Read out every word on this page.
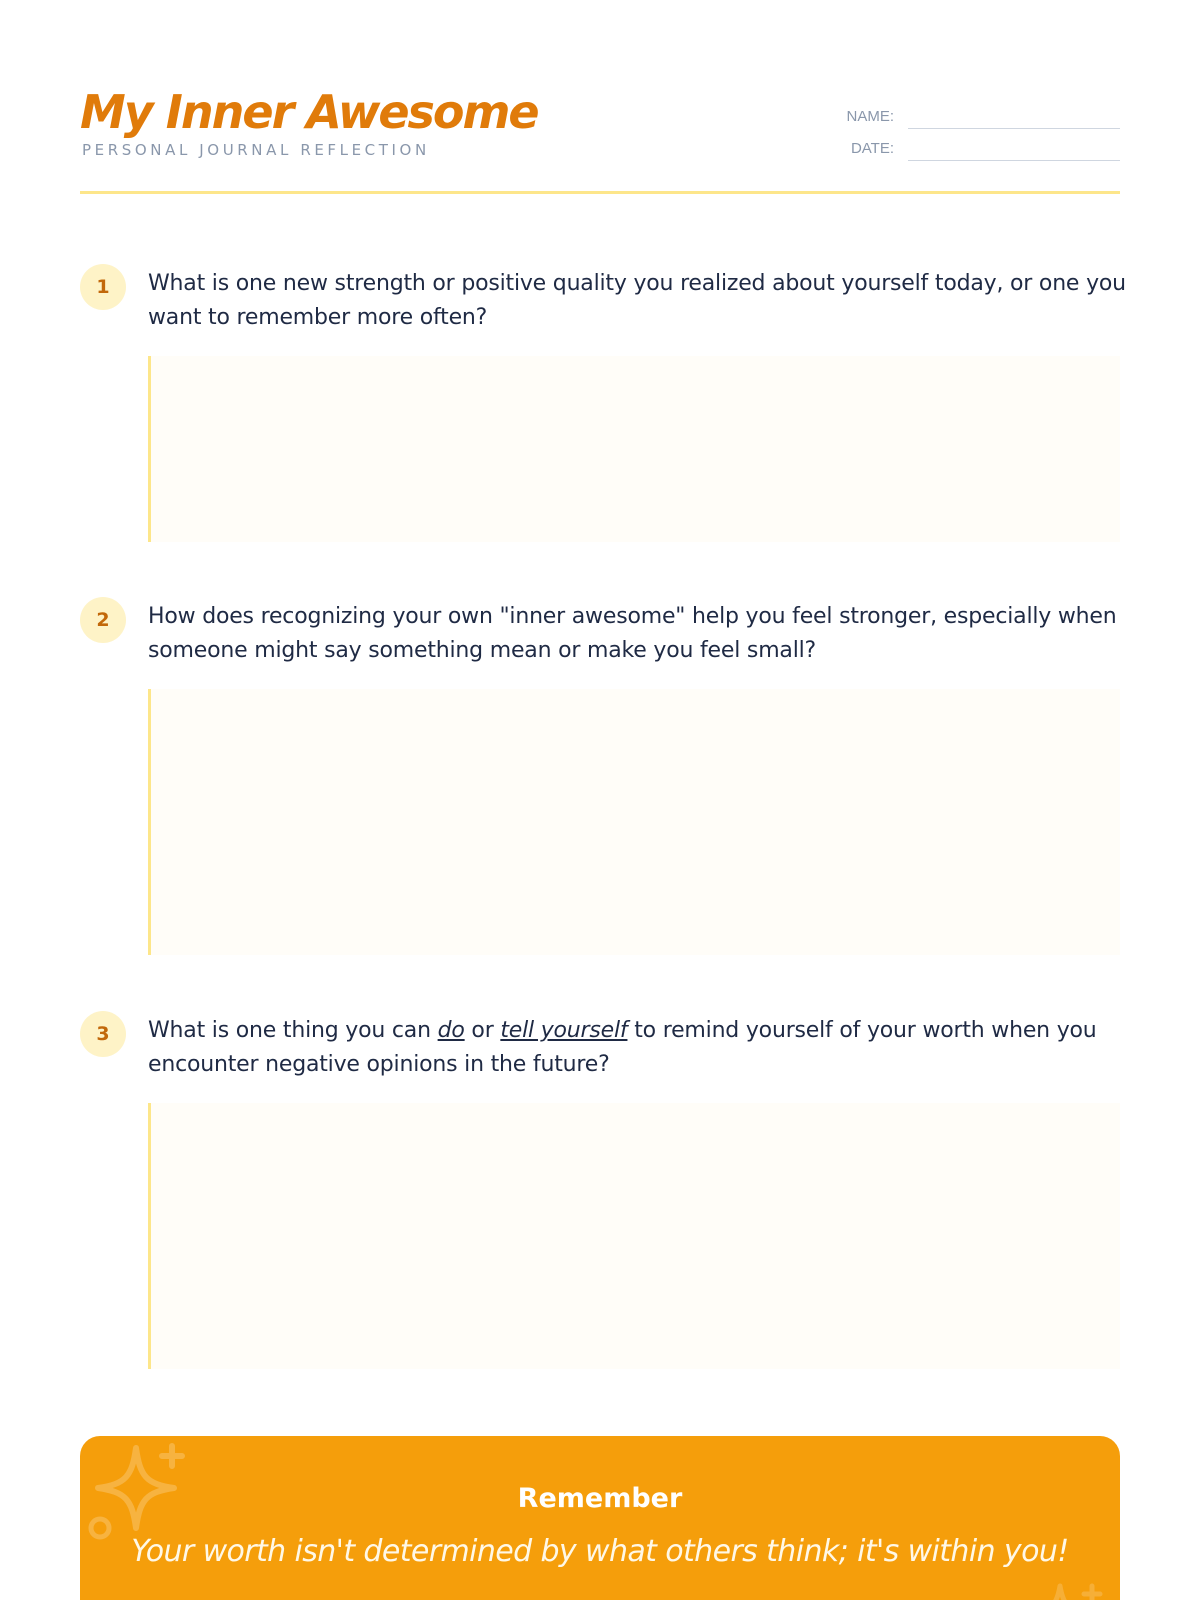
My Inner Awesome
PERSONAL JOURNAL REFLECTION
NAME:
DATE:
1	What is one new strength or positive quality you realized about yourself today, or one you want to remember more often?
2	How does recognizing your own "inner awesome" help you feel stronger, especially when someone might say something mean or make you feel small?
3	What is one thing you can do or tell yourself to remind yourself of your worth when you encounter negative opinions in the future?
Remember
Your worth isn't determined by what others think; it's within you!
